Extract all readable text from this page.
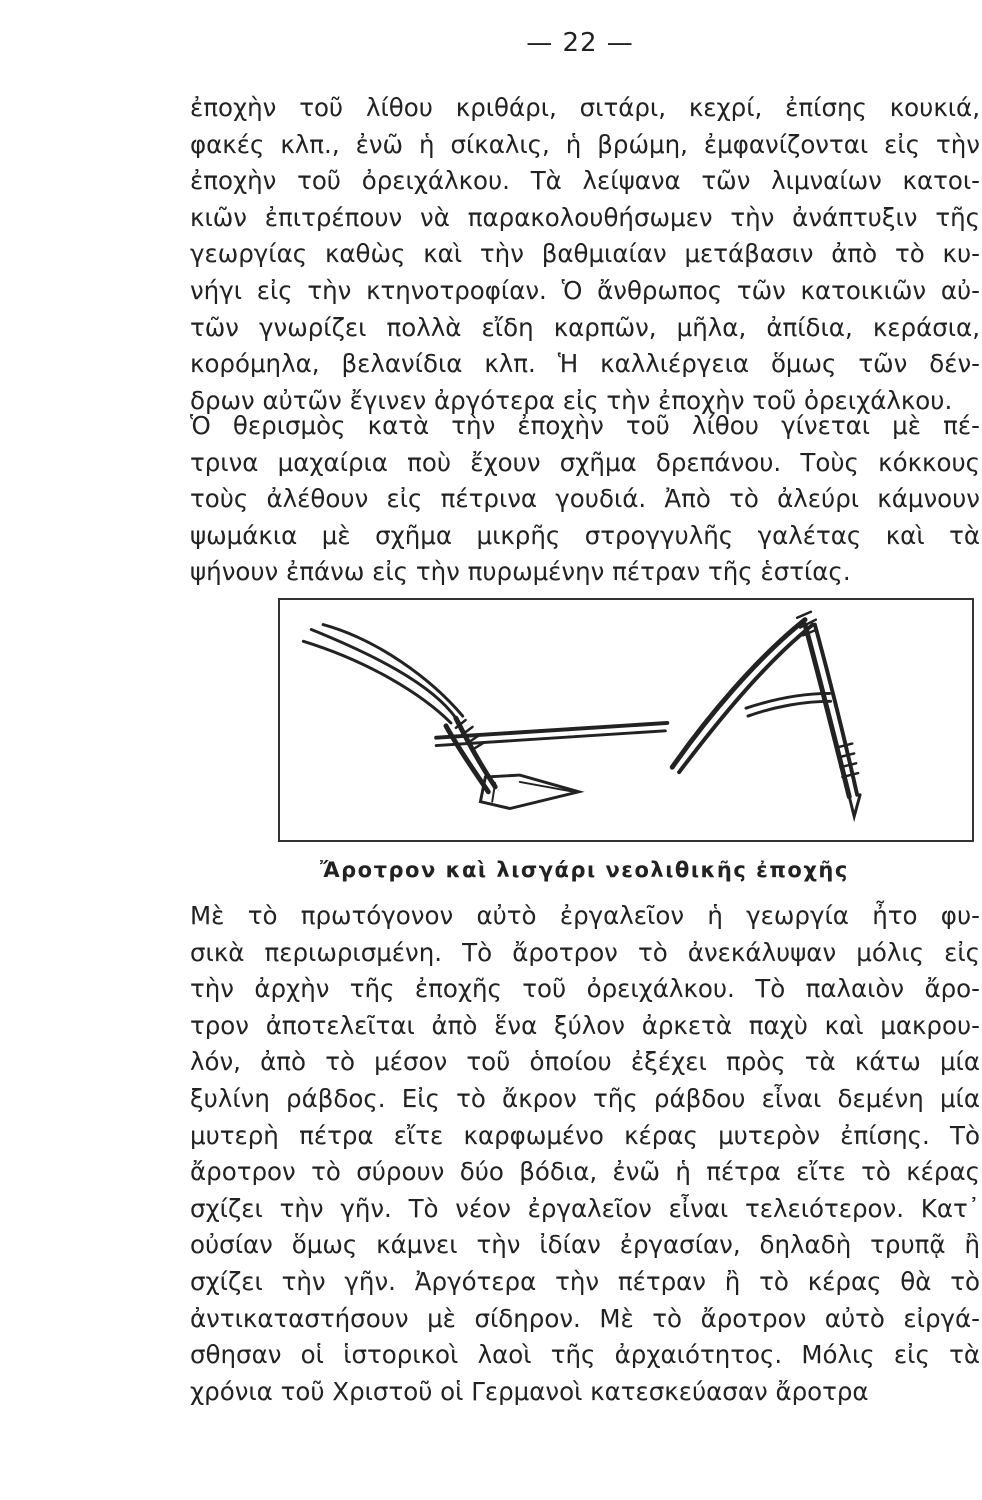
— 22 —
ἐποχὴν τοῦ λίθου κριθάρι, σιτάρι, κεχρί, ἐπίσης κουκιά,
φακές κλπ., ἐνῶ ἡ σίκαλις, ἡ βρώμη, ἐμφανίζονται εἰς τὴν
ἐποχὴν τοῦ ὀρειχάλκου. Τὰ λείψανα τῶν λιμναίων κατοι-
κιῶν ἐπιτρέπουν νὰ παρακολουθήσωμεν τὴν ἀνάπτυξιν τῆς
γεωργίας καθὼς καὶ τὴν βαθμιαίαν μετάβασιν ἀπὸ τὸ κυ-
νήγι εἰς τὴν κτηνοτροφίαν. Ὁ ἄνθρωπος τῶν κατοικιῶν αὐ-
τῶν γνωρίζει πολλὰ εἴδη καρπῶν, μῆλα, ἀπίδια, κεράσια,
κορόμηλα, βελανίδια κλπ. Ἡ καλλιέργεια ὅμως τῶν δέν-
δρων αὐτῶν ἔγινεν ἀργότερα εἰς τὴν ἐποχὴν τοῦ ὀρειχάλκου.
Ὁ θερισμὸς κατὰ τὴν ἐποχὴν τοῦ λίθου γίνεται μὲ πέ-
τρινα μαχαίρια ποὺ ἔχουν σχῆμα δρεπάνου. Τοὺς κόκκους
τοὺς ἀλέθουν εἰς πέτρινα γουδιά. Ἀπὸ τὸ ἀλεύρι κάμνουν
ψωμάκια μὲ σχῆμα μικρῆς στρογγυλῆς γαλέτας καὶ τὰ
ψήνουν ἐπάνω εἰς τὴν πυρωμένην πέτραν τῆς ἑστίας.
Ἄροτρον καὶ λισγάρι νεολιθικῆς ἐποχῆς
Μὲ τὸ πρωτόγονον αὐτὸ ἐργαλεῖον ἡ γεωργία ἦτο φυ-
σικὰ περιωρισμένη. Τὸ ἄροτρον τὸ ἀνεκάλυψαν μόλις εἰς
τὴν ἀρχὴν τῆς ἐποχῆς τοῦ ὀρειχάλκου. Τὸ παλαιὸν ἄρο-
τρον ἀποτελεῖται ἀπὸ ἕνα ξύλον ἀρκετὰ παχὺ καὶ μακρου-
λόν, ἀπὸ τὸ μέσον τοῦ ὁποίου ἐξέχει πρὸς τὰ κάτω μία
ξυλίνη ράβδος. Εἰς τὸ ἄκρον τῆς ράβδου εἶναι δεμένη μία
μυτερὴ πέτρα εἴτε καρφωμένο κέρας μυτερὸν ἐπίσης. Τὸ
ἄροτρον τὸ σύρουν δύο βόδια, ἐνῶ ἡ πέτρα εἴτε τὸ κέρας
σχίζει τὴν γῆν. Τὸ νέον ἐργαλεῖον εἶναι τελειότερον. Κατ᾽
οὐσίαν ὅμως κάμνει τὴν ἰδίαν ἐργασίαν, δηλαδὴ τρυπᾷ ἢ
σχίζει τὴν γῆν. Ἀργότερα τὴν πέτραν ἢ τὸ κέρας θὰ τὸ
ἀντικαταστήσουν μὲ σίδηρον. Μὲ τὸ ἄροτρον αὐτὸ εἰργά-
σθησαν οἱ ἱστορικοὶ λαοὶ τῆς ἀρχαιότητος. Μόλις εἰς τὰ
χρόνια τοῦ Χριστοῦ οἱ Γερμανοὶ κατεσκεύασαν ἄροτρα
